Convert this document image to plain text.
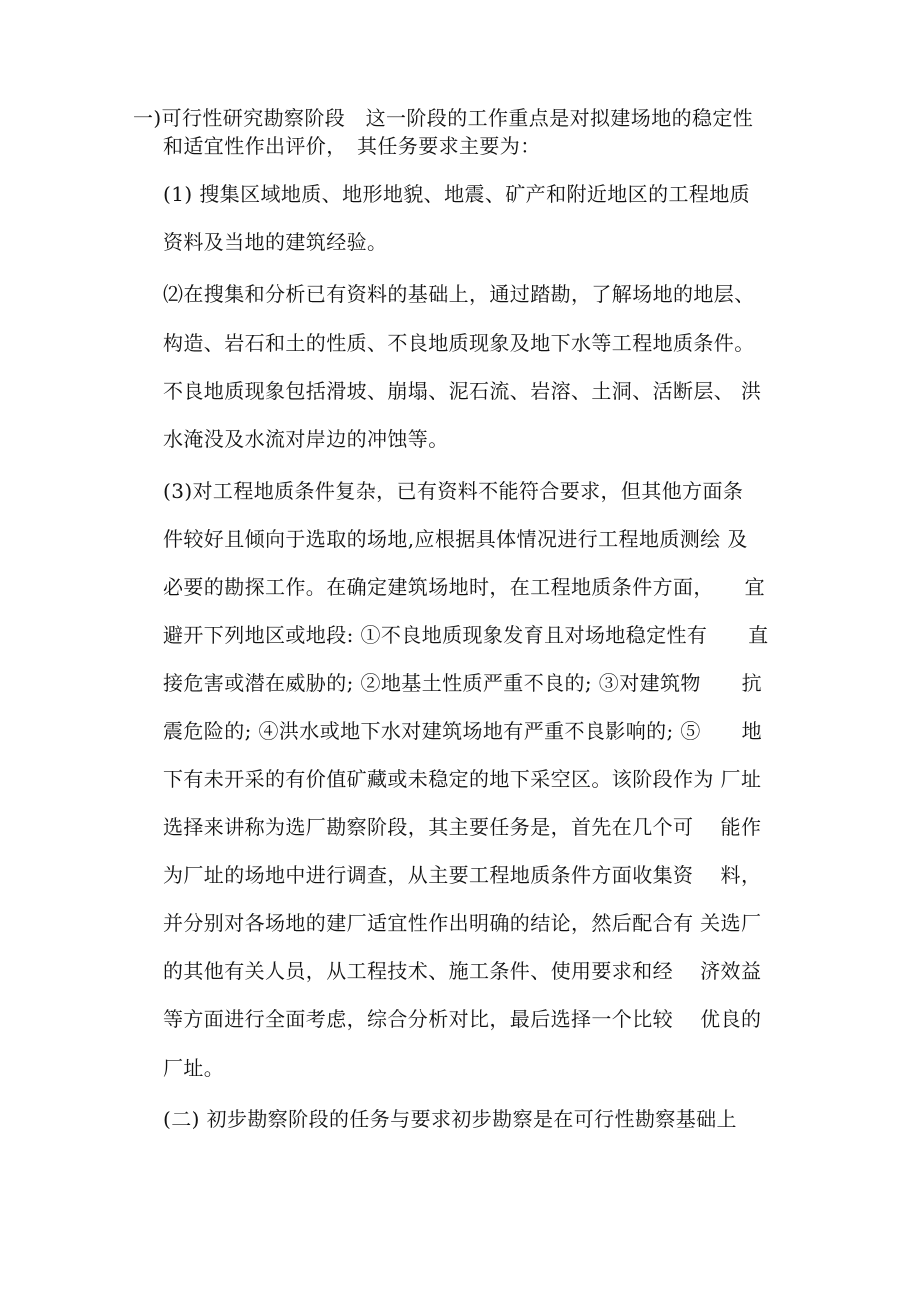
一)可行性研究勘察阶段　这一阶段的工作重点是对拟建场地的稳定性
和适宜性作出评价，　其任务要求主要为：
(1) 搜集区域地质、地形地貌、地震、矿产和附近地区的工程地质
资料及当地的建筑经验。
⑵在搜集和分析已有资料的基础上，通过踏勘，了解场地的地层、
构造、岩石和土的性质、不良地质现象及地下水等工程地质条件。
不良地质现象包括滑坡、崩塌、泥石流、岩溶、土洞、活断层、 洪
水淹没及水流对岸边的冲蚀等。
(3)对工程地质条件复杂，已有资料不能符合要求，但其他方面条
件较好且倾向于选取的场地,应根据具体情况进行工程地质测绘 及
必要的勘探工作。在确定建筑场地时，在工程地质条件方面，　　宜
避开下列地区或地段: ①不良地质现象发育且对场地稳定性有　　直
接危害或潜在威胁的; ②地基土性质严重不良的; ③对建筑物　　抗
震危险的; ④洪水或地下水对建筑场地有严重不良影响的; ⑤　　地
下有未开采的有价值矿藏或未稳定的地下采空区。该阶段作为 厂址
选择来讲称为选厂勘察阶段，其主要任务是，首先在几个可　 能作
为厂址的场地中进行调查，从主要工程地质条件方面收集资　 料，
并分别对各场地的建厂适宜性作出明确的结论，然后配合有 关选厂
的其他有关人员，从工程技术、施工条件、使用要求和经　 济效益
等方面进行全面考虑，综合分析对比，最后选择一个比较　 优良的
厂址。
(二) 初步勘察阶段的任务与要求初步勘察是在可行性勘察基础上
